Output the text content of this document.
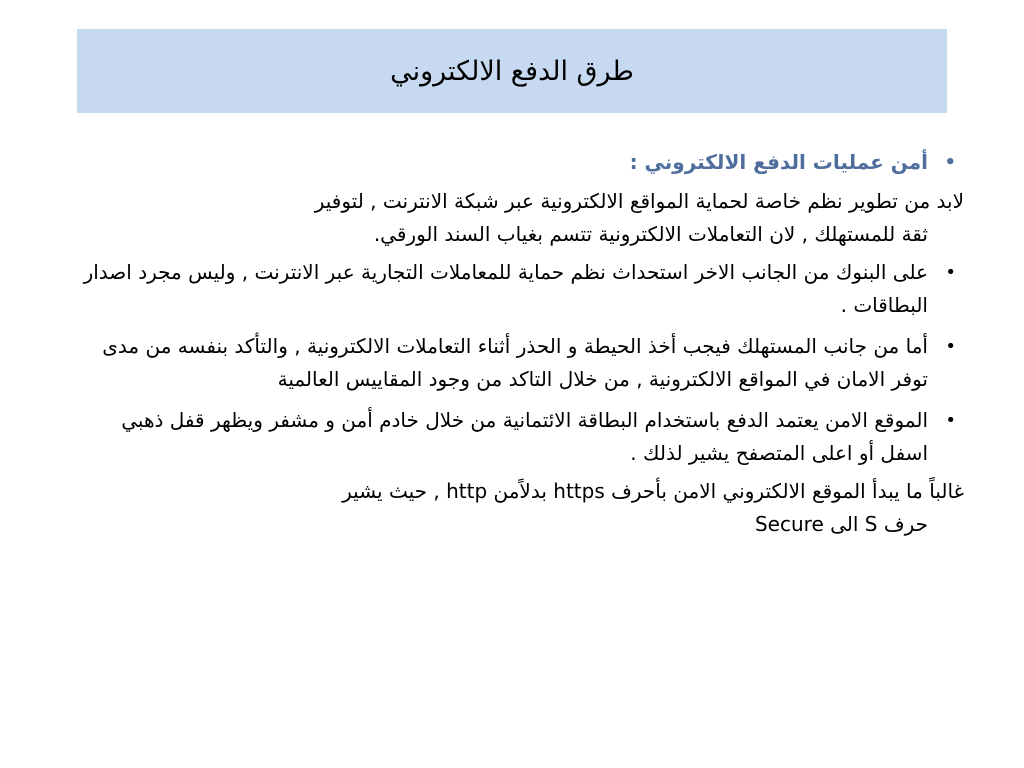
طرق الدفع الالكتروني

•
أمن عمليات الدفع الالكتروني :

لابد من تطوير نظم خاصة لحماية المواقع الالكترونية عبر شبكة الانترنت , لتوفير
ثقة للمستهلك , لان التعاملات الالكترونية تتسم بغياب السند الورقي.

•
على البنوك من الجانب الاخر استحداث نظم حماية للمعاملات التجارية عبر الانترنت , وليس مجرد اصدار البطاقات .

•
أما من جانب المستهلك فيجب أخذ الحيطة و الحذر أثناء التعاملات الالكترونية , والتأكد بنفسه من مدى توفر الامان في المواقع الالكترونية , من خلال التاكد من وجود المقاييس العالمية

•
الموقع الامن يعتمد الدفع باستخدام البطاقة الائتمانية من خلال خادم أمن و مشفر ويظهر قفل ذهبي اسفل أو اعلى المتصفح يشير لذلك .

غالباً ما يبدأ الموقع الالكتروني الامن بأحرف https بدلاًمن http , حيث يشير
حرف S الى Secure
